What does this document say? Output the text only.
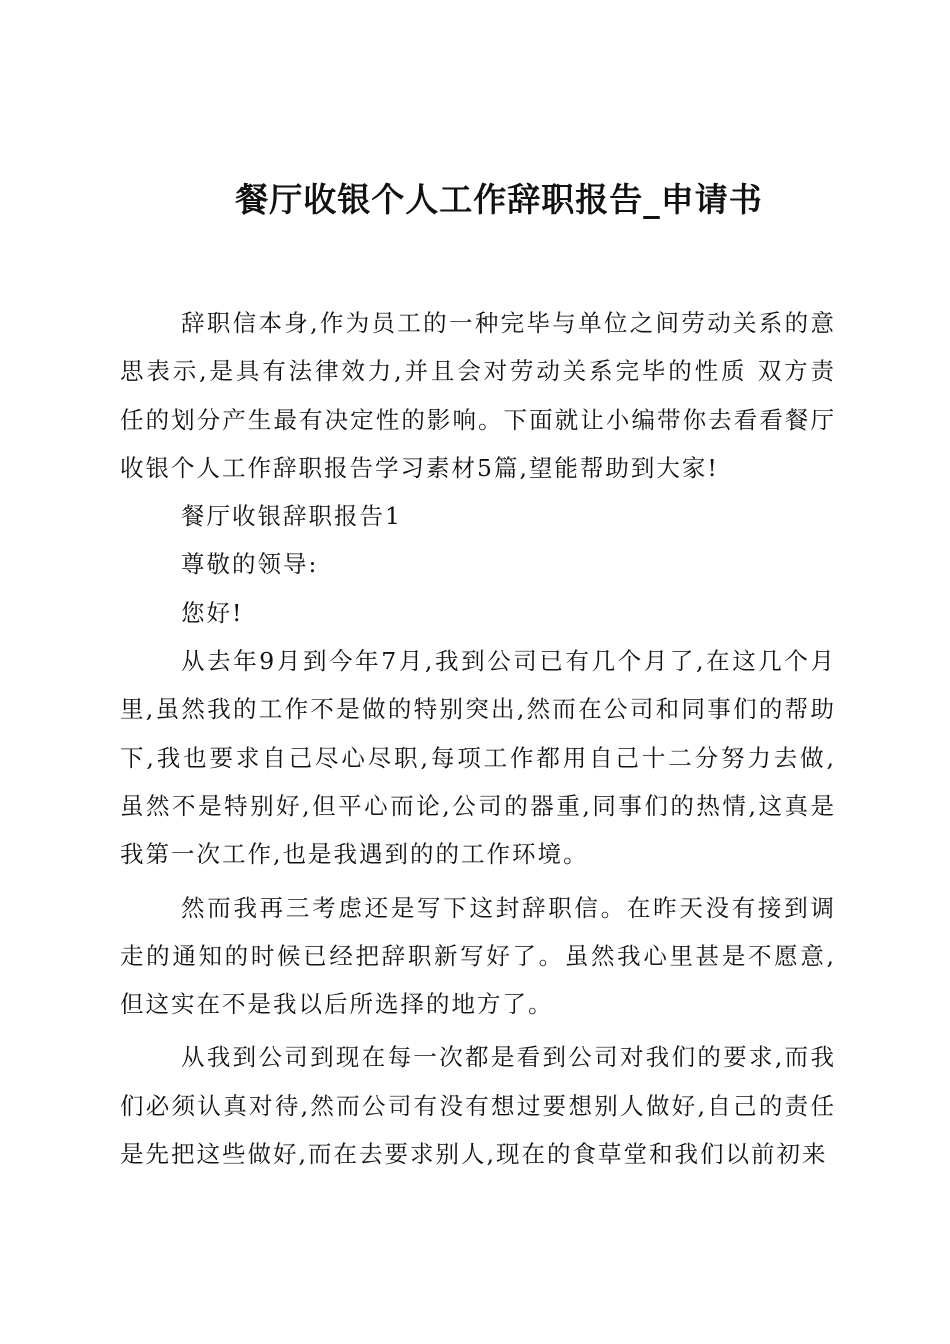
餐厅收银个人工作辞职报告_申请书

辞职信本身,作为员工的一种完毕与单位之间劳动关系的意思表示,是具有法律效力,并且会对劳动关系完毕的性质 双方责任的划分产生最有决定性的影响。下面就让小编带你去看看餐厅收银个人工作辞职报告学习素材5篇,望能帮助到大家!

餐厅收银辞职报告1

尊敬的领导:

您好!

从去年9月到今年7月,我到公司已有几个月了,在这几个月里,虽然我的工作不是做的特别突出,然而在公司和同事们的帮助下,我也要求自己尽心尽职,每项工作都用自己十二分努力去做,虽然不是特别好,但平心而论,公司的器重,同事们的热情,这真是我第一次工作,也是我遇到的的工作环境。

然而我再三考虑还是写下这封辞职信。在昨天没有接到调走的通知的时候已经把辞职新写好了。虽然我心里甚是不愿意,但这实在不是我以后所选择的地方了。

从我到公司到现在每一次都是看到公司对我们的要求,而我们必须认真对待,然而公司有没有想过要想别人做好,自己的责任是先把这些做好,而在去要求别人,现在的食草堂和我们以前初来
